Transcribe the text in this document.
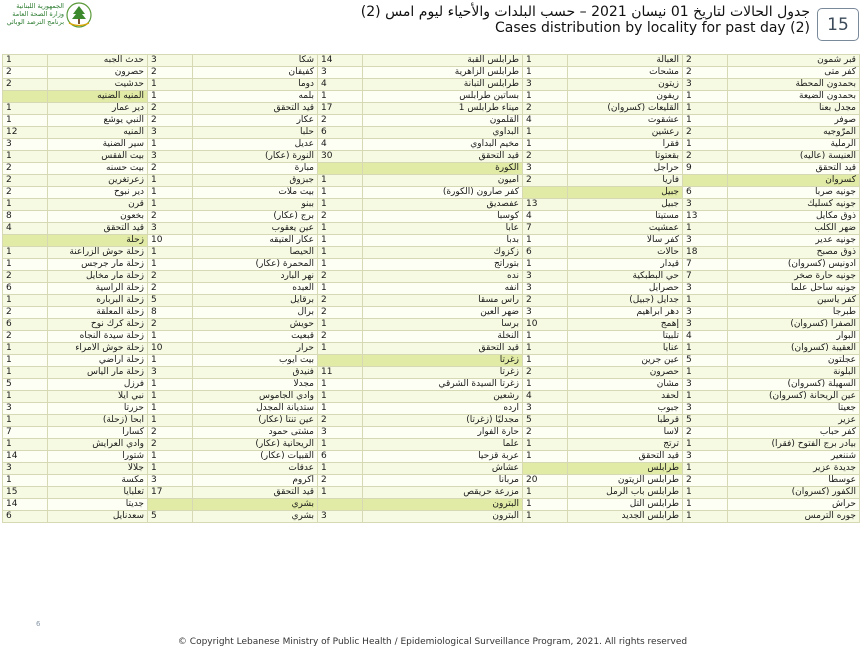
الجمهورية اللبنانية
وزارة الصحة العامة
برنامج الترصد الوبائي
جدول الحالات لتاريخ 01 نيسان 2021 – حسب البلدات والأحياء ليوم امس (2)
Cases distribution by locality for past day (2)	15
1	حدث الجبه	3	شكا	14	طرابلس القبة	1	العبالة	2	قبر شمون
2	حصرون	2	كفيفان	3	طرابلس الزاهرية	1	مشحات	2	كفر متى
2	حدشيت	1	دوما	4	طرابلس التبانة	3	زيتون	3	بحمدون المحطة
	المنيه الضنيه	1	بلمه	1	بساتين طرابلس	1	ريفون	1	بحمدون الضيعة
1	دير عمار	2	قيد التحقق	17	ميناء طرابلس 1	2	القليعات (كسروان)	1	مجدل بعنا
1	النبي يوشع	2	عكار	2	القلمون	4	عشقوت	1	صوفر
12	المنيه	3	حلبا	6	البداوي	1	رعشين	2	المرّوجيه
3	سير الضنية	1	عديل	4	مخيم البداوي	1	فقرا	1	الرملية
1	بيت الفقس	3	النورة (عكار)	30	قيد التحقق	2	بقعتوتا	2	العنيسة (عاليه)
2	بيت حسنه	2	مبارة		الكورة	3	حراجل	9	قيد التحقق
2	زعرتغرين	1	جبزوق	1	أميون	2	فاريا		كسروان
2	دير نبوح	1	بيت ملات	1	كفر صارون (الكورة)		جبيل	6	جونيه صربا
1	قرن	1	ببنو	1	عفصديق	13	جبيل	3	جونيه كسليك
8	بخعون	2	برج (عكار)	2	كوسبا	4	مستيتا	13	ذوق مكايل
4	قيد التحقق	3	عين يعقوب	1	عابا	7	عمشيت	1	ضهر الكلب
	زحلة	10	عكار العتيقه	1	بدبا	1	كفر سالا	3	جونيه عدير
1	زحلة حوش الزراعنة	1	الحيصا	1	زكزوك	6	حالات	18	ذوق مصبح
1	زحلة مار جرجس	1	المحمرة (عكار)	1	بتوراتج	1	قيدار	7	أدونيس (كسروان)
2	زحلة مار مخايل	2	نهر البارد	2	نده	3	حي البطبكية	7	جونيه حارة صخر
6	زحلة الراسية	2	العبده	1	انفه	3	حصرايل	3	جونيه ساحل علما
1	زحلة البرباره	5	برقايل	2	راس مسقا	2	جدايل (جبيل)	1	كفر ياسين
2	زحلة المعلقة	8	برال	2	ضهر العين	3	دهر ابراهيم	3	طبرجا
6	زحلة كرك نوح	2	حويش	1	برسا	10	إهمج	3	الصفرا (كسروان)
2	زحلة سيدة النجاه	1	قبعيت	2	النخلة	1	تلبيتا	4	البوار
1	زحلة حوش الامراء	10	حرار	1	قيد التحقق	1	عنايا	1	العقيبة (كسروان)
1	زحلة أراضي	1	بيت أيوب		زغرتا	1	عين جرين	5	عجلتون
1	زحلة مار الياس	3	فنيدق	11	زغرتا	2	حصرون	1	البلونة
5	فرزل	1	مجدلا	1	زغرتا السيدة الشرقي	1	مشان	3	السهيلة (كسروان)
1	نبي ايلا	1	وادي الجاموس	1	رشعين	4	لحفد	1	عين الريحانة (كسروان)
3	حزرتا	1	ستديانة المجدل	1	أرده	3	جبوب	3	جعيتا
1	ابحا (زحلة)	1	عين تنتا (عكار)	2	مجدليًا (زغرتا)	5	قرطبا	5	عزير
7	كسارا	2	مشتى حمود	3	حارة الفوار	2	لاسا	2	كفر حباب
1	وادي العرايش	2	الريحانية (عكار)	1	علما	1	ترتج	1	بيادر برج الفتوح (فقرا)
14	شتورا	1	القبيات (عكار)	6	عربة قزحيا	1	قيد التحقق	3	شننعير
3	جلالا	1	عدقات	1	عشاش		طرابلس	1	جديدة عزير
1	مكسة	3	أكروم	2	مربانا	20	طرابلس الزيتون	2	عوسطا
15	تعلبايا	17	قيد التحقق	1	مزرعة حريقص	1	طرابلس باب الرمل	1	الكفور (كسروان)
14	جديتا		بشري		البترون	1	طرابلس التل	1	حراش
6	سعدنايل	5	بشري	3	البترون	1	طرابلس الجديد	1	جوره الترمس
6
© Copyright Lebanese Ministry of Public Health / Epidemiological Surveillance Program, 2021. All rights reserved
